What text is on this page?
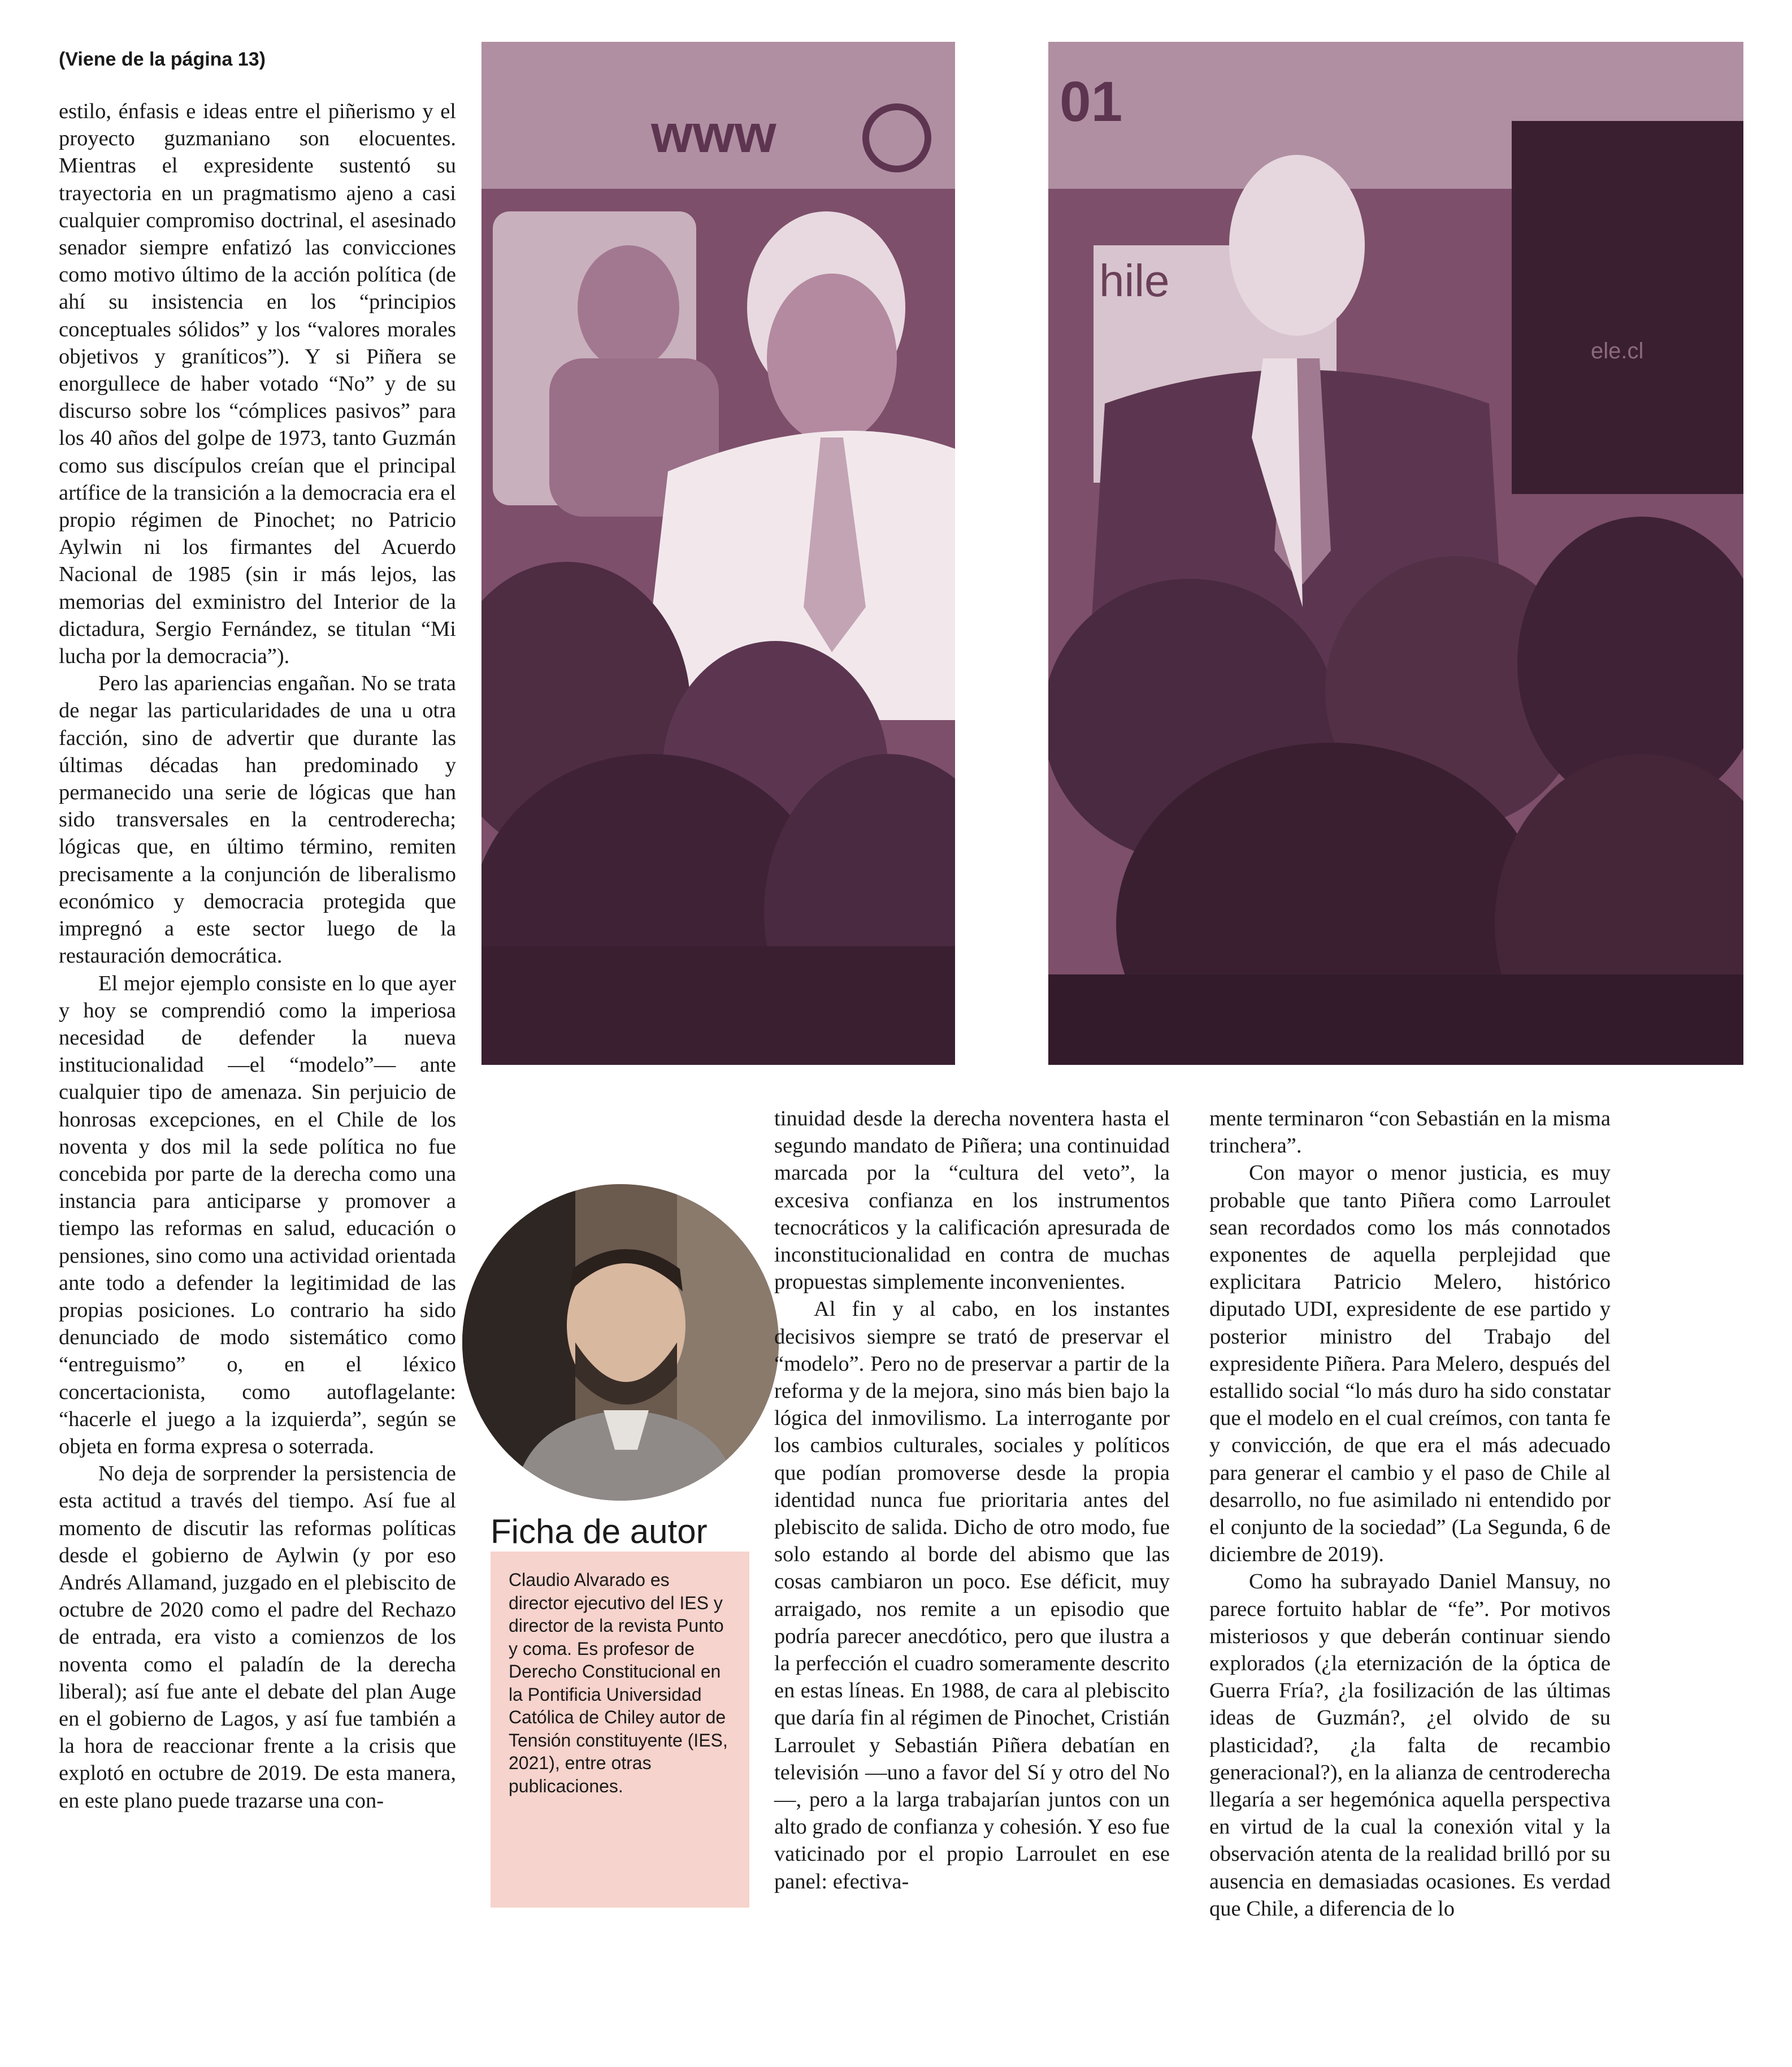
(Viene de la página 13)

estilo, énfasis e ideas entre el piñerismo y el proyecto guzmaniano son elocuentes. Mientras el expresidente sustentó su trayectoria en un pragmatismo ajeno a casi cualquier compromiso doctrinal, el asesinado senador siempre enfatizó las convicciones como motivo último de la acción política (de ahí su insistencia en los “principios conceptuales sólidos” y los “valores morales objetivos y graníticos”). Y si Piñera se enorgullece de haber votado “No” y de su discurso sobre los “cómplices pasivos” para los 40 años del golpe de 1973, tanto Guzmán como sus discípulos creían que el principal artífice de la transición a la democracia era el propio régimen de Pinochet; no Patricio Aylwin ni los firmantes del Acuerdo Nacional de 1985 (sin ir más lejos, las memorias del exministro del Interior de la dictadura, Sergio Fernández, se titulan “Mi lucha por la democracia”).

Pero las apariencias engañan. No se trata de negar las particularidades de una u otra facción, sino de advertir que durante las últimas décadas han predominado y permanecido una serie de lógicas que han sido transversales en la centroderecha; lógicas que, en último término, remiten precisamente a la conjunción de liberalismo económico y democracia protegida que impregnó a este sector luego de la restauración democrática.

El mejor ejemplo consiste en lo que ayer y hoy se comprendió como la imperiosa necesidad de defender la nueva institucionalidad —el “modelo”— ante cualquier tipo de amenaza. Sin perjuicio de honrosas excepciones, en el Chile de los noventa y dos mil la sede política no fue concebida por parte de la derecha como una instancia para anticiparse y promover a tiempo las reformas en salud, educación o pensiones, sino como una actividad orientada ante todo a defender la legitimidad de las propias posiciones. Lo contrario ha sido denunciado de modo sistemático como “entreguismo” o, en el léxico concertacionista, como autoflagelante: “hacerle el juego a la izquierda”, según se objeta en forma expresa o soterrada.

No deja de sorprender la persistencia de esta actitud a través del tiempo. Así fue al momento de discutir las reformas políticas desde el gobierno de Aylwin (y por eso Andrés Allamand, juzgado en el plebiscito de octubre de 2020 como el padre del Rechazo de entrada, era visto a comienzos de los noventa como el paladín de la derecha liberal); así fue ante el debate del plan Auge en el gobierno de Lagos, y así fue también a la hora de reaccionar frente a la crisis que explotó en octubre de 2019. De esta manera, en este plano puede trazarse una con-

www
01
hile
ele.cl
Ficha de autor
Claudio Alvarado es director ejecutivo del IES y director de la revista Punto y coma. Es profesor de Derecho Constitucional en la Pontificia Universidad Católica de Chiley autor de Tensión constituyente (IES, 2021), entre otras publicaciones.

tinuidad desde la derecha noventera hasta el segundo mandato de Piñera; una continuidad marcada por la “cultura del veto”, la excesiva confianza en los instrumentos tecnocráticos y la calificación apresurada de inconstitucionalidad en contra de muchas propuestas simplemente inconvenientes.

Al fin y al cabo, en los instantes decisivos siempre se trató de preservar el “modelo”. Pero no de preservar a partir de la reforma y de la mejora, sino más bien bajo la lógica del inmovilismo. La interrogante por los cambios culturales, sociales y políticos que podían promoverse desde la propia identidad nunca fue prioritaria antes del plebiscito de salida. Dicho de otro modo, fue solo estando al borde del abismo que las cosas cambiaron un poco. Ese déficit, muy arraigado, nos remite a un episodio que podría parecer anecdótico, pero que ilustra a la perfección el cuadro someramente descrito en estas líneas. En 1988, de cara al plebiscito que daría fin al régimen de Pinochet, Cristián Larroulet y Sebastián Piñera debatían en televisión —uno a favor del Sí y otro del No—, pero a la larga trabajarían juntos con un alto grado de confianza y cohesión. Y eso fue vaticinado por el propio Larroulet en ese panel: efectiva-

mente terminaron “con Sebastián en la misma trinchera”.

Con mayor o menor justicia, es muy probable que tanto Piñera como Larroulet sean recordados como los más connotados exponentes de aquella perplejidad que explicitara Patricio Melero, histórico diputado UDI, expresidente de ese partido y posterior ministro del Trabajo del expresidente Piñera. Para Melero, después del estallido social “lo más duro ha sido constatar que el modelo en el cual creímos, con tanta fe y convicción, de que era el más adecuado para generar el cambio y el paso de Chile al desarrollo, no fue asimilado ni entendido por el conjunto de la sociedad” (La Segunda, 6 de diciembre de 2019).

Como ha subrayado Daniel Mansuy, no parece fortuito hablar de “fe”. Por motivos misteriosos y que deberán continuar siendo explorados (¿la eternización de la óptica de Guerra Fría?, ¿la fosilización de las últimas ideas de Guzmán?, ¿el olvido de su plasticidad?, ¿la falta de recambio generacional?), en la alianza de centroderecha llegaría a ser hegemónica aquella perspectiva en virtud de la cual la conexión vital y la observación atenta de la realidad brilló por su ausencia en demasiadas ocasiones. Es verdad que Chile, a diferencia de lo
